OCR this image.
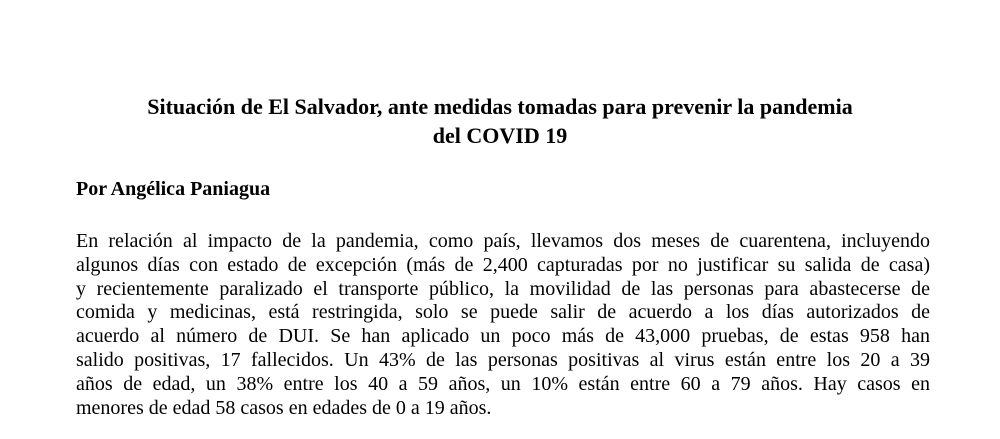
Situación de El Salvador, ante medidas tomadas para prevenir la pandemia
del COVID 19

Por Angélica Paniagua

En relación al impacto de la pandemia, como país, llevamos dos meses de cuarentena, incluyendo
algunos días con estado de excepción (más de 2,400 capturadas por no justificar su salida de casa)
y recientemente paralizado el transporte público, la movilidad de las personas para abastecerse de
comida y medicinas, está restringida, solo se puede salir de acuerdo a los días autorizados de
acuerdo al número de DUI. Se han aplicado un poco más de 43,000 pruebas, de estas 958 han
salido positivas, 17 fallecidos. Un 43% de las personas positivas al virus están entre los 20 a 39
años de edad, un 38% entre los 40 a 59 años, un 10% están entre 60 a 79 años. Hay casos en
menores de edad 58 casos en edades de 0 a 19 años.
